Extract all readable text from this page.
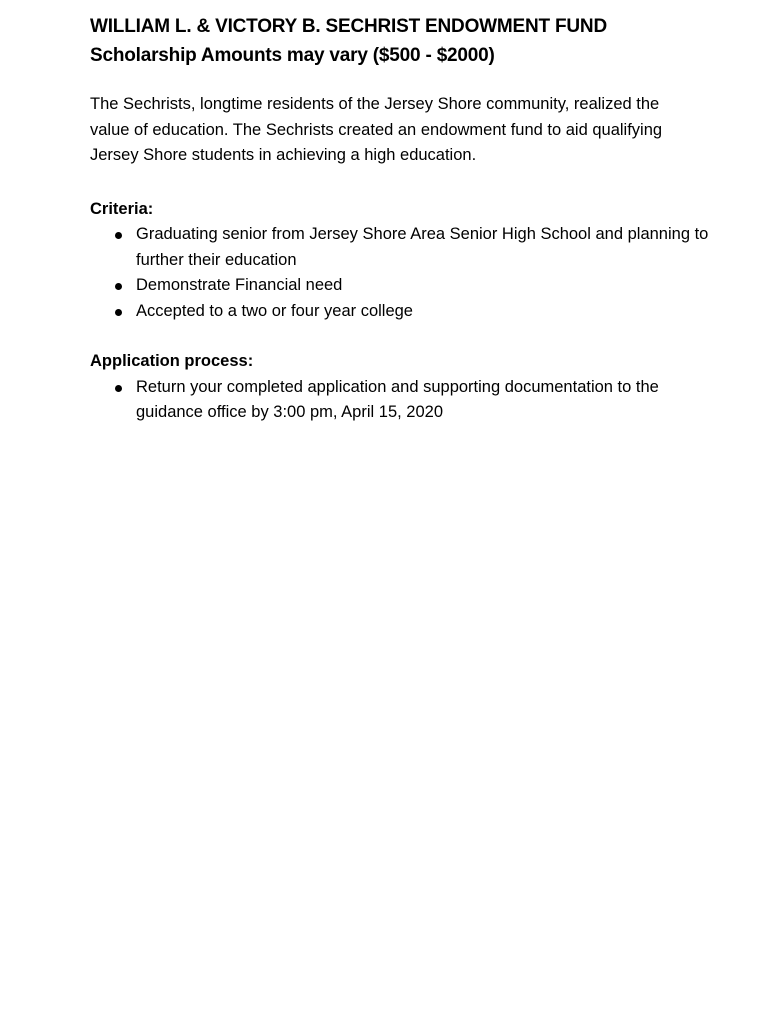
WILLIAM L. & VICTORY B. SECHRIST ENDOWMENT FUND

Scholarship Amounts may vary ($500 - $2000)

The Sechrists, longtime residents of the Jersey Shore community, realized the value of education. The Sechrists created an endowment fund to aid qualifying Jersey Shore students in achieving a high education.

Criteria:

Graduating senior from Jersey Shore Area Senior High School and planning to further their education
Demonstrate Financial need
Accepted to a two or four year college

Application process:

Return your completed application and supporting documentation to the guidance office by 3:00 pm, April 15, 2020
